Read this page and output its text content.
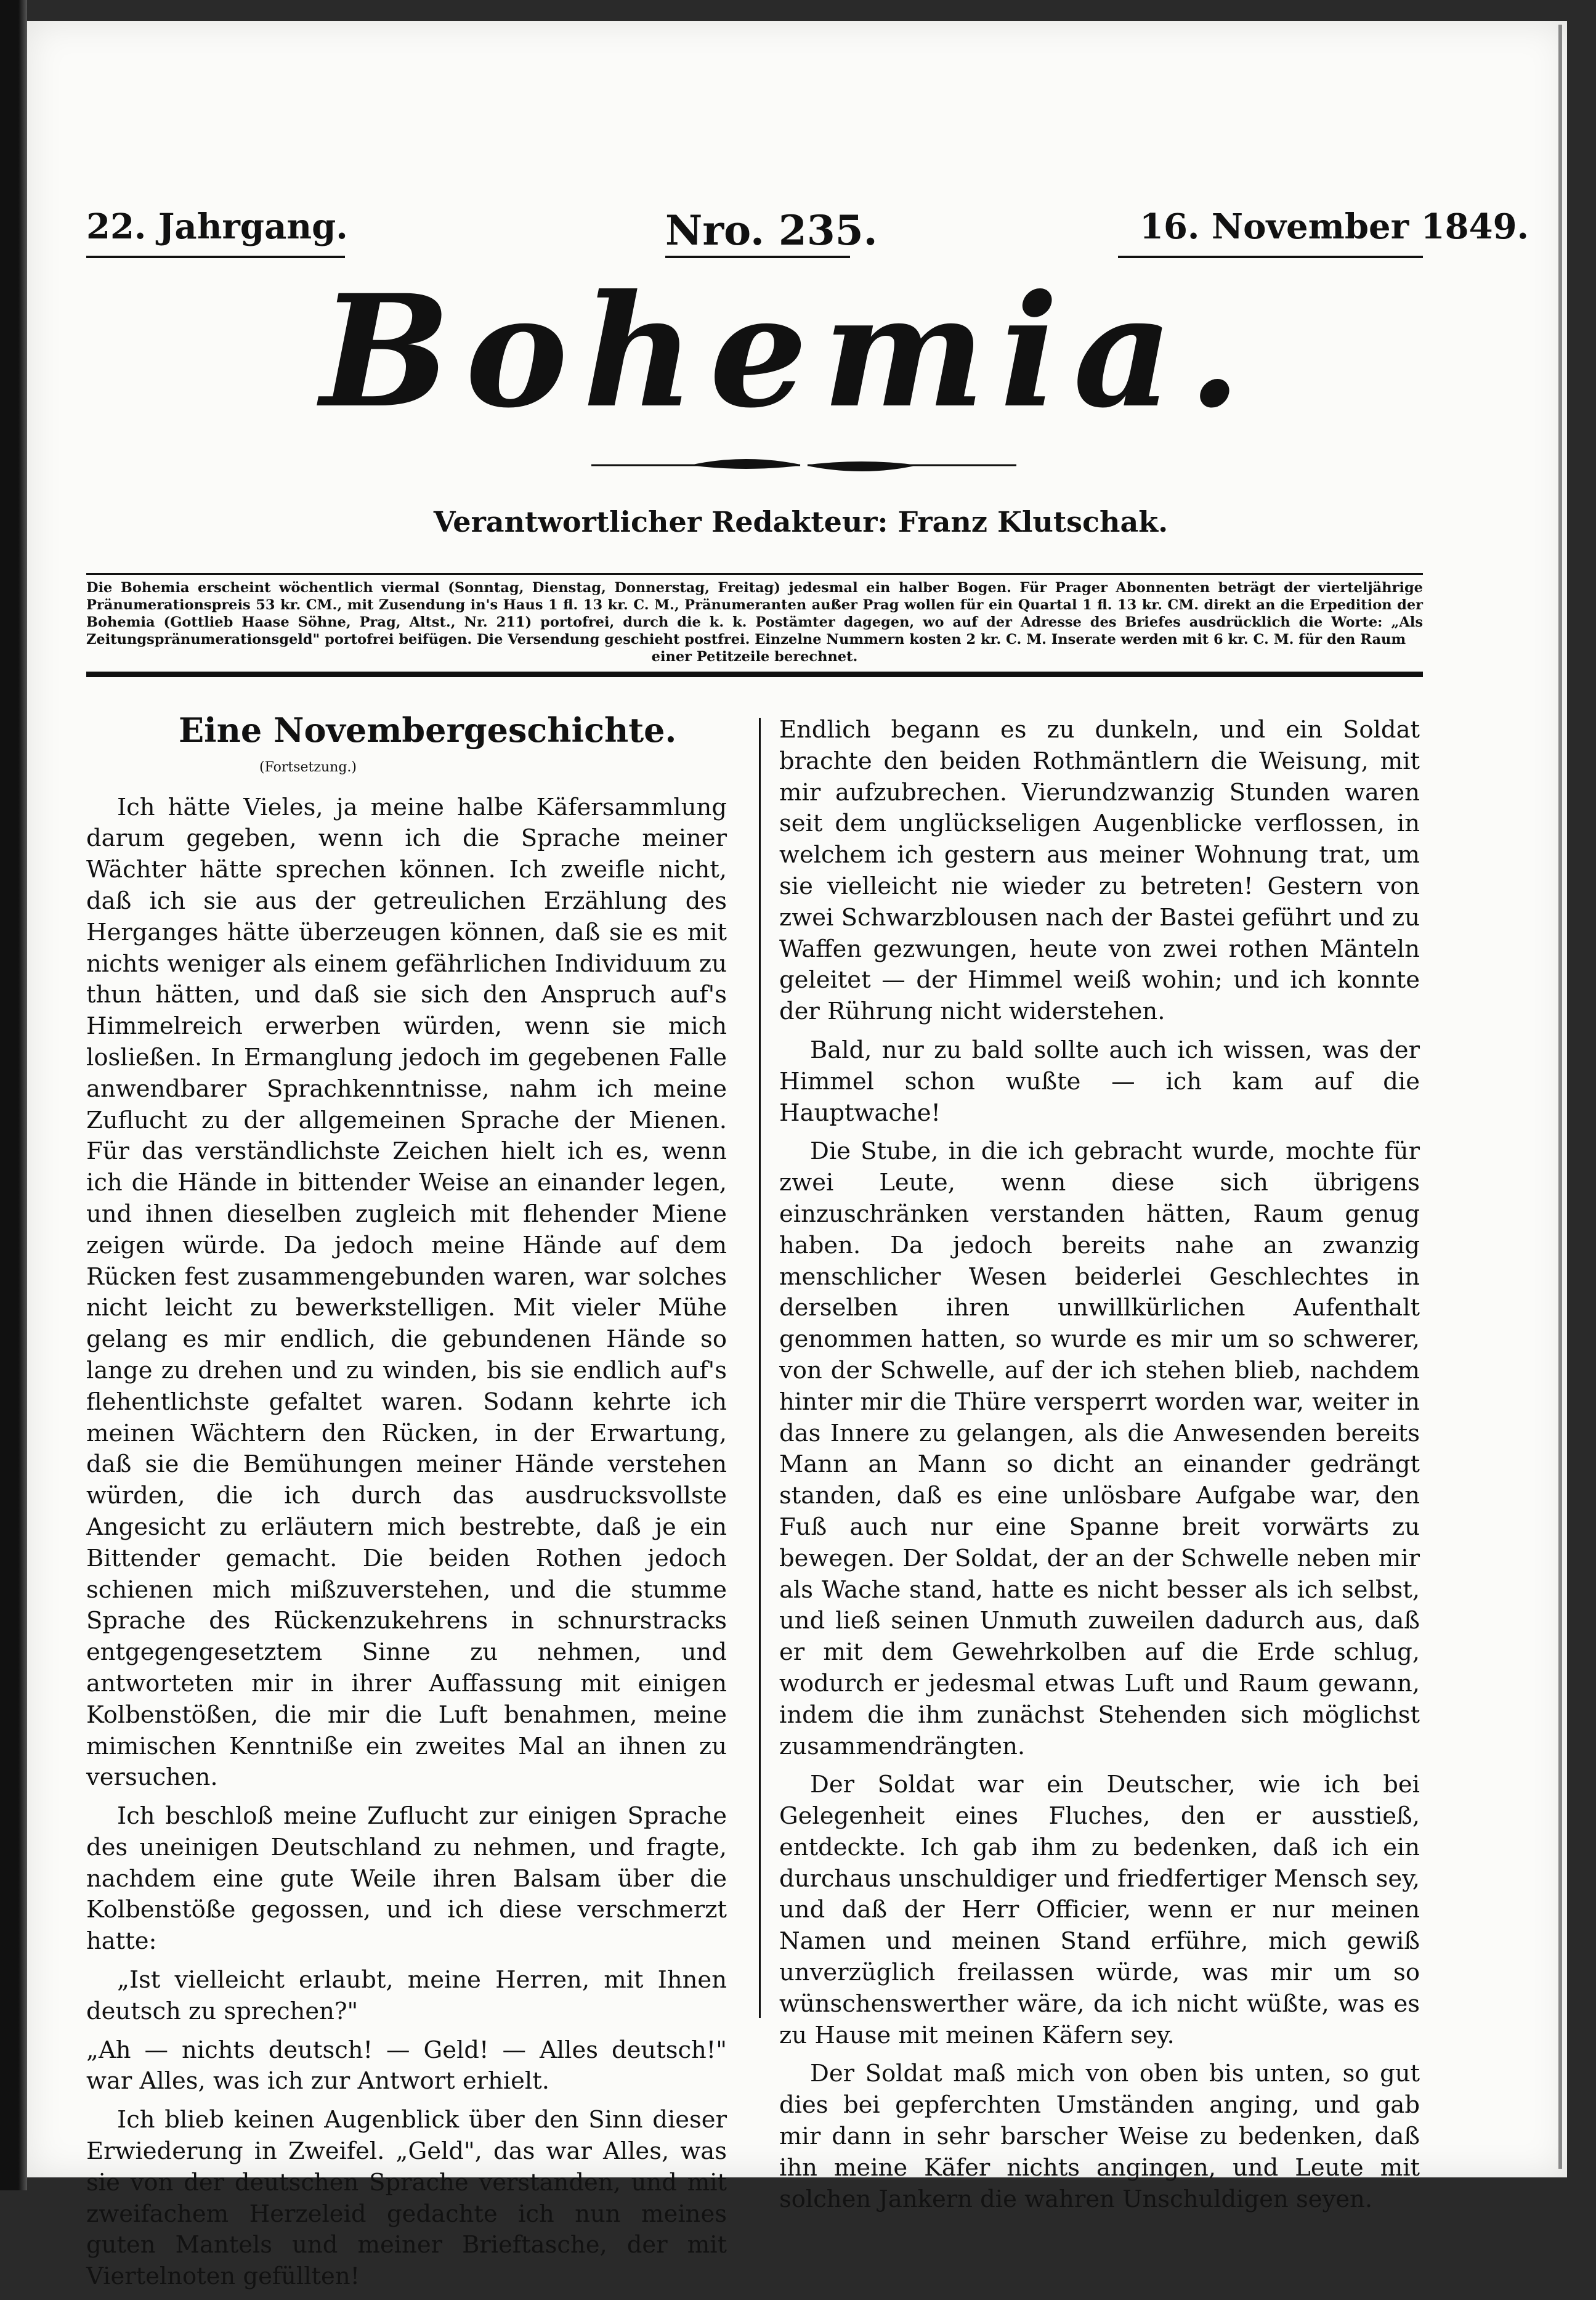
22. Jahrgang.	Nro. 235.	16. November 1849.
Bohemia.
Verantwortlicher Redakteur: Franz Klutschak.

Die Bohemia erscheint wöchentlich viermal (Sonntag, Dienstag, Donnerstag, Freitag) jedesmal ein halber Bogen. Für Prager Abonnenten beträgt der vierteljährige Pränumerationspreis 53 kr. CM., mit Zusendung in's Haus 1 fl. 13 kr. C. M., Pränumeranten außer Prag wollen für ein Quartal 1 fl. 13 kr. CM. direkt an die Erpedition der Bohemia (Gottlieb Haase Söhne, Prag, Altst., Nr. 211) portofrei, durch die k. k. Postämter dagegen, wo auf der Adresse des Briefes ausdrücklich die Worte: „Als Zeitungspränumerationsgeld" portofrei beifügen. Die Versendung geschieht postfrei. Einzelne Nummern kosten 2 kr. C. M. Inserate werden mit 6 kr. C. M. für den Raum

einer Petitzeile berechnet.

Eine Novembergeschichte.
(Fortsetzung.)

Ich hätte Vieles, ja meine halbe Käfersammlung darum gegeben, wenn ich die Sprache meiner Wächter hätte sprechen können. Ich zweifle nicht, daß ich sie aus der getreulichen Erzählung des Herganges hätte überzeugen können, daß sie es mit nichts weniger als einem gefährlichen Individuum zu thun hätten, und daß sie sich den Anspruch auf's Himmelreich erwerben würden, wenn sie mich losließen. In Ermanglung jedoch im gegebenen Falle anwendbarer Sprachkenntnisse, nahm ich meine Zuflucht zu der allgemeinen Sprache der Mienen. Für das verständlichste Zeichen hielt ich es, wenn ich die Hände in bittender Weise an einander legen, und ihnen dieselben zugleich mit flehender Miene zeigen würde. Da jedoch meine Hände auf dem Rücken fest zusammengebunden waren, war solches nicht leicht zu bewerkstelligen. Mit vieler Mühe gelang es mir endlich, die gebundenen Hände so lange zu drehen und zu winden, bis sie endlich auf's flehentlichste gefaltet waren. Sodann kehrte ich meinen Wächtern den Rücken, in der Erwartung, daß sie die Bemühungen meiner Hände verstehen würden, die ich durch das ausdrucksvollste Angesicht zu erläutern mich bestrebte, daß je ein Bittender gemacht. Die beiden Rothen jedoch schienen mich mißzuverstehen, und die stumme Sprache des Rückenzukehrens in schnurstracks entgegengesetztem Sinne zu nehmen, und antworteten mir in ihrer Auffassung mit einigen Kolbenstößen, die mir die Luft benahmen, meine mimischen Kenntniße ein zweites Mal an ihnen zu versuchen.

Ich beschloß meine Zuflucht zur einigen Sprache des uneinigen Deutschland zu nehmen, und fragte, nachdem eine gute Weile ihren Balsam über die Kolbenstöße gegossen, und ich diese verschmerzt hatte:

„Ist vielleicht erlaubt, meine Herren, mit Ihnen deutsch zu sprechen?"

„Ah — nichts deutsch! — Geld! — Alles deutsch!" war Alles, was ich zur Antwort erhielt.

Ich blieb keinen Augenblick über den Sinn dieser Erwiederung in Zweifel. „Geld", das war Alles, was sie von der deutschen Sprache verstanden, und mit zweifachem Herzeleid gedachte ich nun meines guten Mantels und meiner Brieftasche, der mit Viertelnoten gefüllten!

Endlich begann es zu dunkeln, und ein Soldat brachte den beiden Rothmäntlern die Weisung, mit mir aufzubrechen. Vierundzwanzig Stunden waren seit dem unglückseligen Augenblicke verflossen, in welchem ich gestern aus meiner Wohnung trat, um sie vielleicht nie wieder zu betreten! Gestern von zwei Schwarzblousen nach der Bastei geführt und zu Waffen gezwungen, heute von zwei rothen Mänteln geleitet — der Himmel weiß wohin; und ich konnte der Rührung nicht widerstehen.

Bald, nur zu bald sollte auch ich wissen, was der Himmel schon wußte — ich kam auf die Hauptwache!

Die Stube, in die ich gebracht wurde, mochte für zwei Leute, wenn diese sich übrigens einzuschränken verstanden hätten, Raum genug haben. Da jedoch bereits nahe an zwanzig menschlicher Wesen beiderlei Geschlechtes in derselben ihren unwillkürlichen Aufenthalt genommen hatten, so wurde es mir um so schwerer, von der Schwelle, auf der ich stehen blieb, nachdem hinter mir die Thüre versperrt worden war, weiter in das Innere zu gelangen, als die Anwesenden bereits Mann an Mann so dicht an einander gedrängt standen, daß es eine unlösbare Aufgabe war, den Fuß auch nur eine Spanne breit vorwärts zu bewegen. Der Soldat, der an der Schwelle neben mir als Wache stand, hatte es nicht besser als ich selbst, und ließ seinen Unmuth zuweilen dadurch aus, daß er mit dem Gewehrkolben auf die Erde schlug, wodurch er jedesmal etwas Luft und Raum gewann, indem die ihm zunächst Stehenden sich möglichst zusammendrängten.

Der Soldat war ein Deutscher, wie ich bei Gelegenheit eines Fluches, den er ausstieß, entdeckte. Ich gab ihm zu bedenken, daß ich ein durchaus unschuldiger und friedfertiger Mensch sey, und daß der Herr Officier, wenn er nur meinen Namen und meinen Stand erführe, mich gewiß unverzüglich freilassen würde, was mir um so wünschenswerther wäre, da ich nicht wüßte, was es zu Hause mit meinen Käfern sey.

Der Soldat maß mich von oben bis unten, so gut dies bei gepferchten Umständen anging, und gab mir dann in sehr barscher Weise zu bedenken, daß ihn meine Käfer nichts angingen, und Leute mit solchen Jankern die wahren Unschuldigen seyen.
